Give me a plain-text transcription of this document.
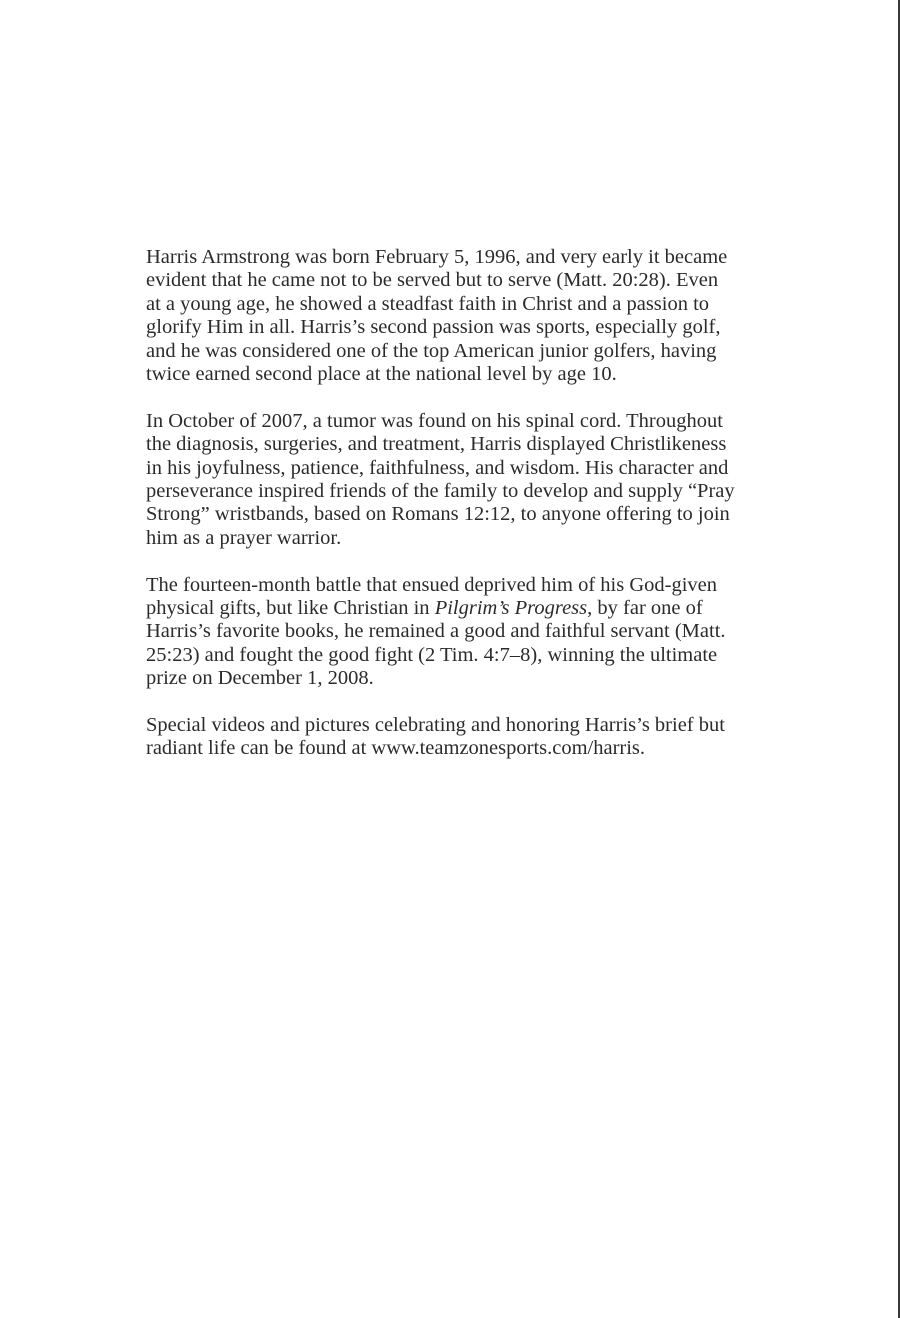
Harris Armstrong was born February 5, 1996, and very early it became
evident that he came not to be served but to serve (Matt. 20:28). Even
at a young age, he showed a steadfast faith in Christ and a passion to
glorify Him in all. Harris’s second passion was sports, especially golf,
and he was considered one of the top American junior golfers, having
twice earned second place at the national level by age 10.

In October of 2007, a tumor was found on his spinal cord. Throughout
the diagnosis, surgeries, and treatment, Harris displayed Christlikeness
in his joyfulness, patience, faithfulness, and wisdom. His character and
perseverance inspired friends of the family to develop and supply “Pray
Strong” wristbands, based on Romans 12:12, to anyone offering to join
him as a prayer warrior.

The fourteen-month battle that ensued deprived him of his God-given
physical gifts, but like Christian in Pilgrim’s Progress, by far one of
Harris’s favorite books, he remained a good and faithful servant (Matt.
25:23) and fought the good fight (2 Tim. 4:7–8), winning the ultimate
prize on December 1, 2008.

Special videos and pictures celebrating and honoring Harris’s brief but
radiant life can be found at www.teamzonesports.com/harris.
